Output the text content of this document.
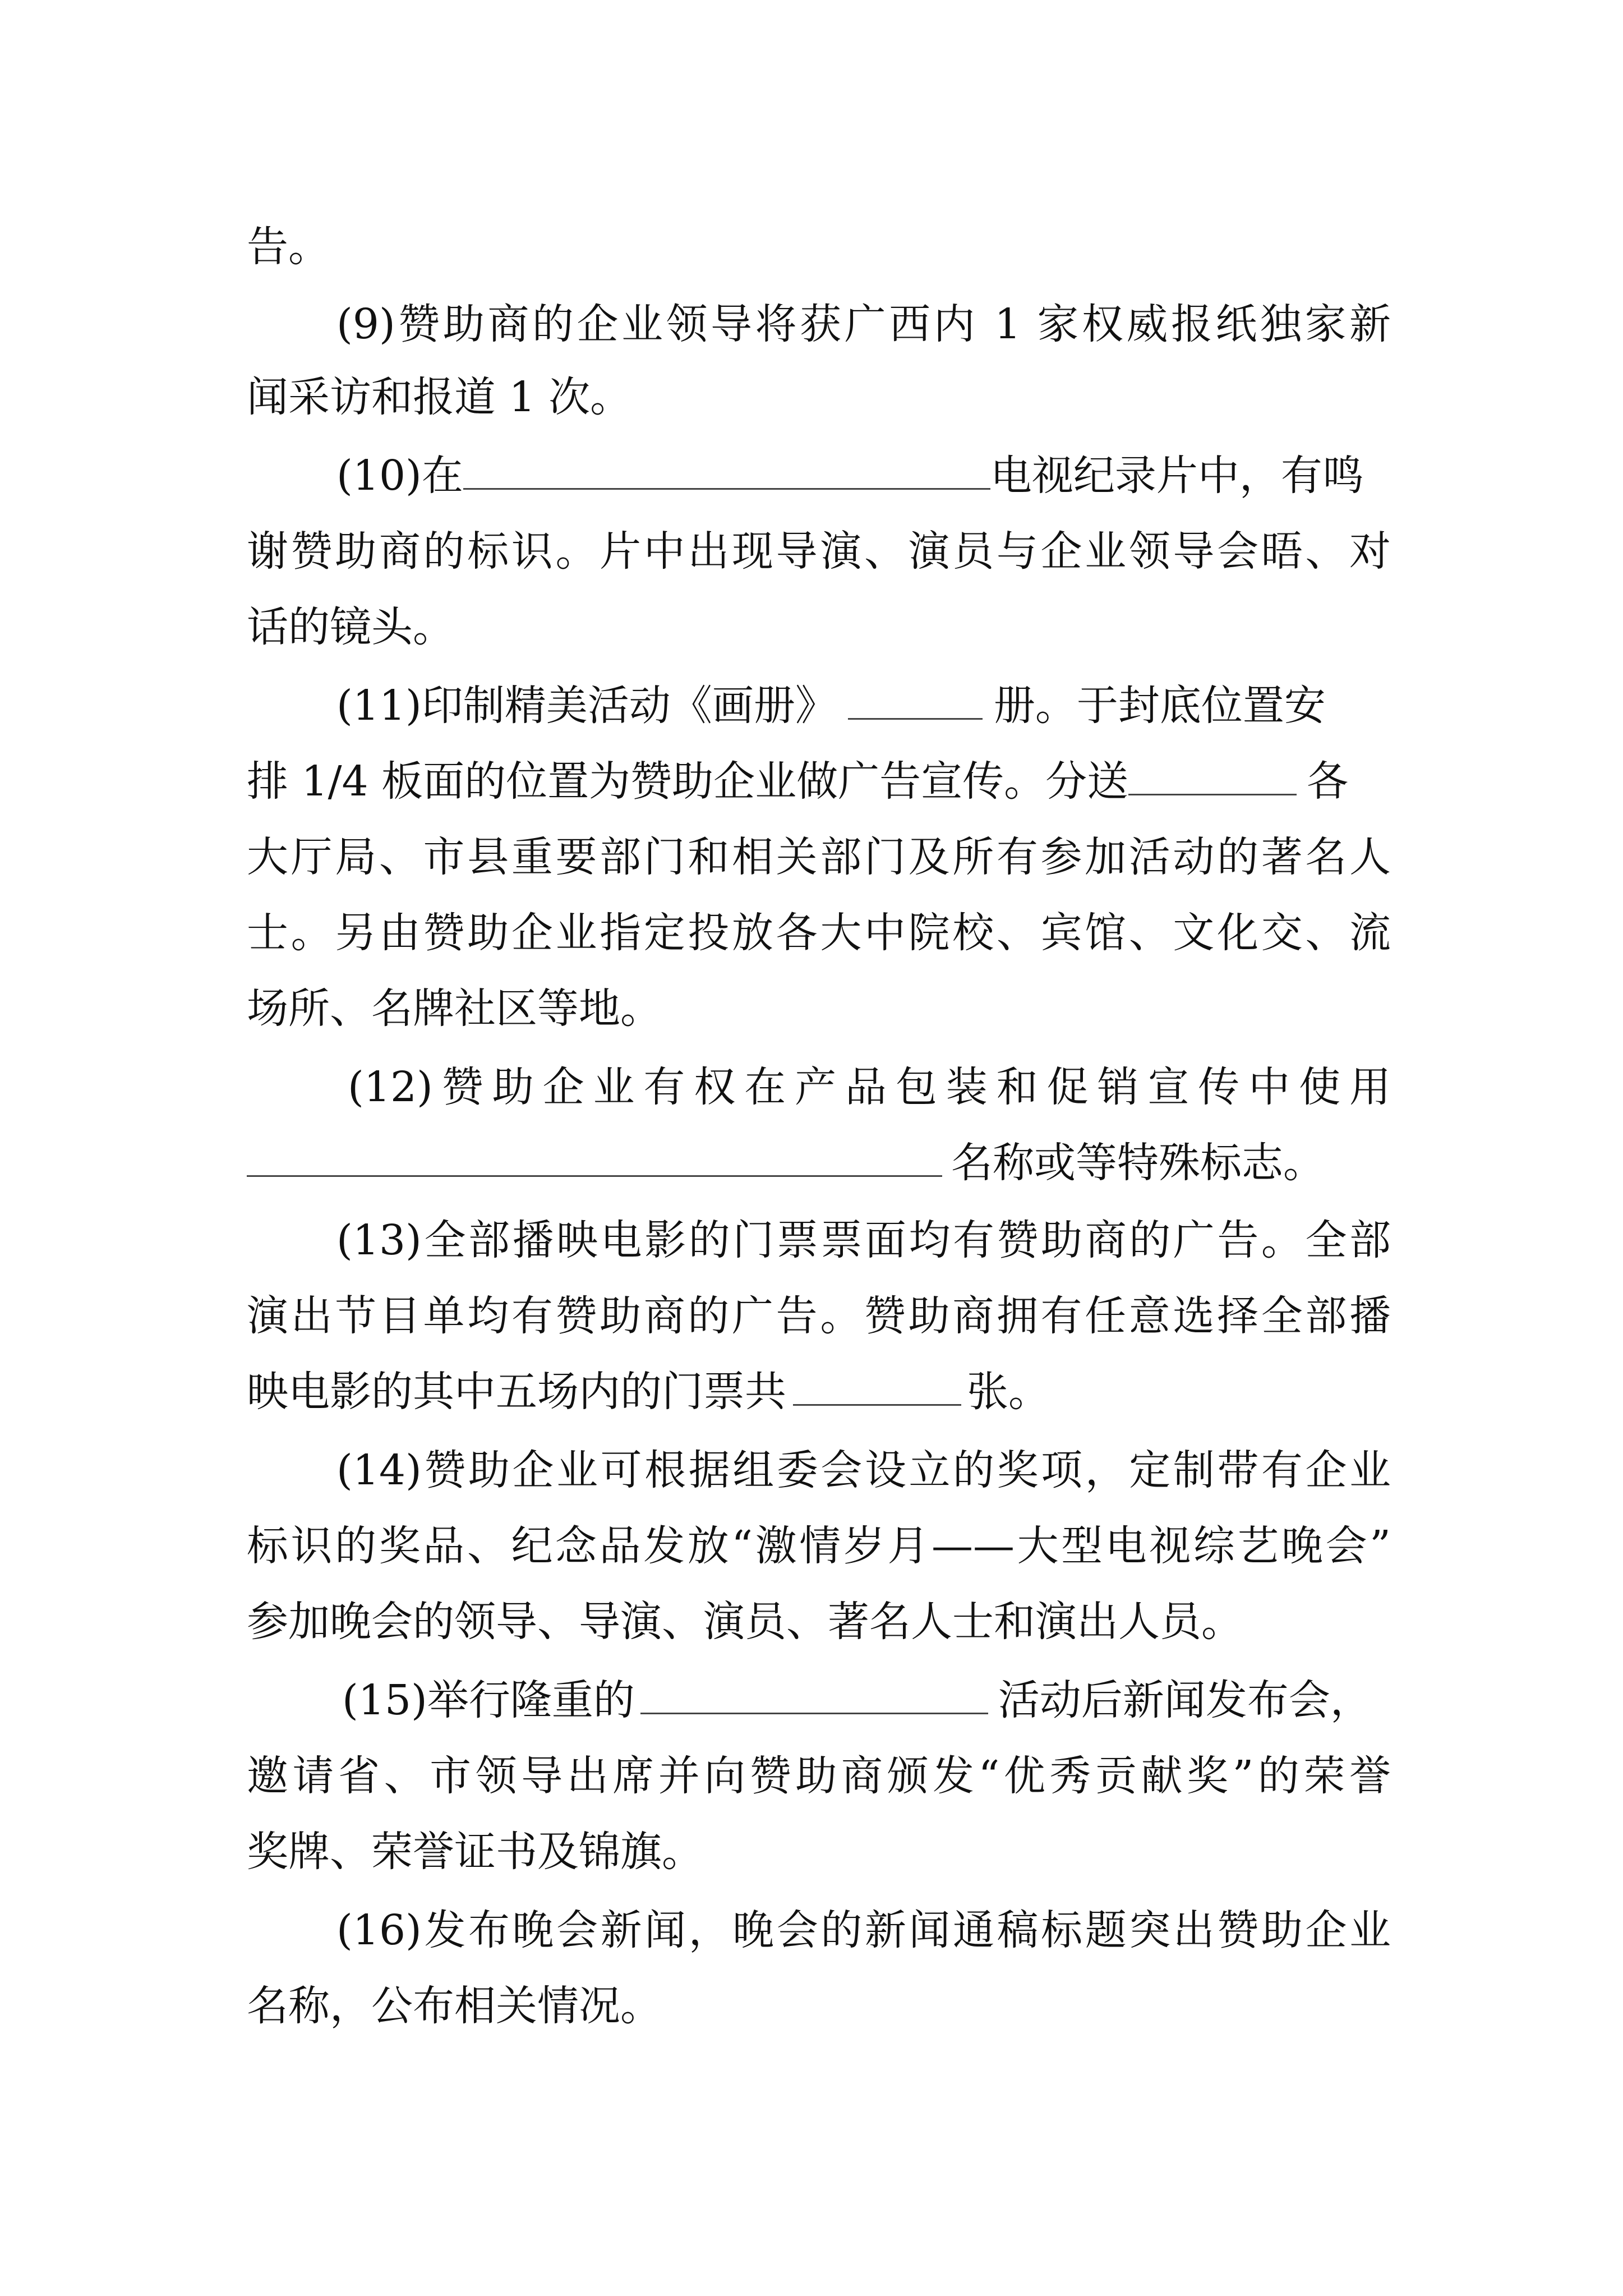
告。
(9)赞助商的企业领导将获广西内 1 家权威报纸独家新
闻采访和报道 1 次。
(10)在	电视纪录片中，有鸣
谢赞助商的标识。片中出现导演、演员与企业领导会晤、对
话的镜头。
(11)印制精美活动《画册》	册。于封底位置安
排 1/4 板面的位置为赞助企业做广告宣传。分送	各
大厅局、市县重要部门和相关部门及所有参加活动的著名人
士。另由赞助企业指定投放各大中院校、宾馆、文化交、流
场所、名牌社区等地。
(12)赞助企业有权在产品包装和促销宣传中使用
名称或等特殊标志。
(13)全部播映电影的门票票面均有赞助商的广告。全部
演出节目单均有赞助商的广告。赞助商拥有任意选择全部播
映电影的其中五场内的门票共	张。
(14)赞助企业可根据组委会设立的奖项，定制带有企业
标识的奖品、纪念品发放“激情岁月——大型电视综艺晚会”
参加晚会的领导、导演、演员、著名人士和演出人员。
(15)举行隆重的	活动后新闻发布会，
邀请省、市领导出席并向赞助商颁发“优秀贡献奖”的荣誉
奖牌、荣誉证书及锦旗。
(16)发布晚会新闻，晚会的新闻通稿标题突出赞助企业
名称，公布相关情况。
